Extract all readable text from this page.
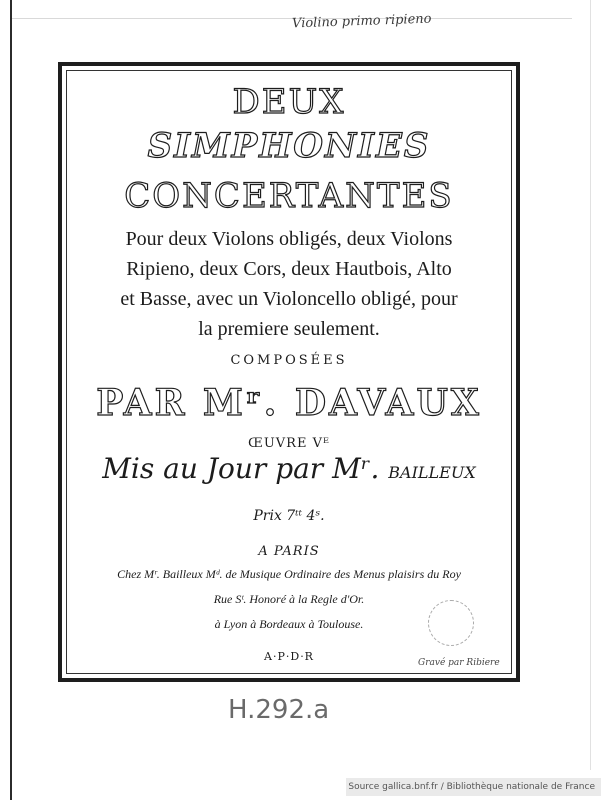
Violino primo ripieno
DEUX
SIMPHONIES
CONCERTANTES
Pour deux Violons obligés, deux Violons
Ripieno, deux Cors, deux Hautbois, Alto
et Basse, avec un Violoncello obligé, pour
la premiere seulement.
COMPOSÉES
PAR Mʳ. DAVAUX
ŒUVRE Vᴱ
Mis au Jour par Mʳ. BAILLEUX
Prix 7ᵗᵗ 4ˢ.
A PARIS
Chez Mʳ. Bailleux Mᵈ. de Musique Ordinaire des Menus plaisirs du Roy
Rue Sᵗ. Honoré à la Regle d'Or.
à Lyon à Bordeaux à Toulouse.
A·P·D·R	Gravé par Ribiere
H.292.a
Source gallica.bnf.fr / Bibliothèque nationale de France
